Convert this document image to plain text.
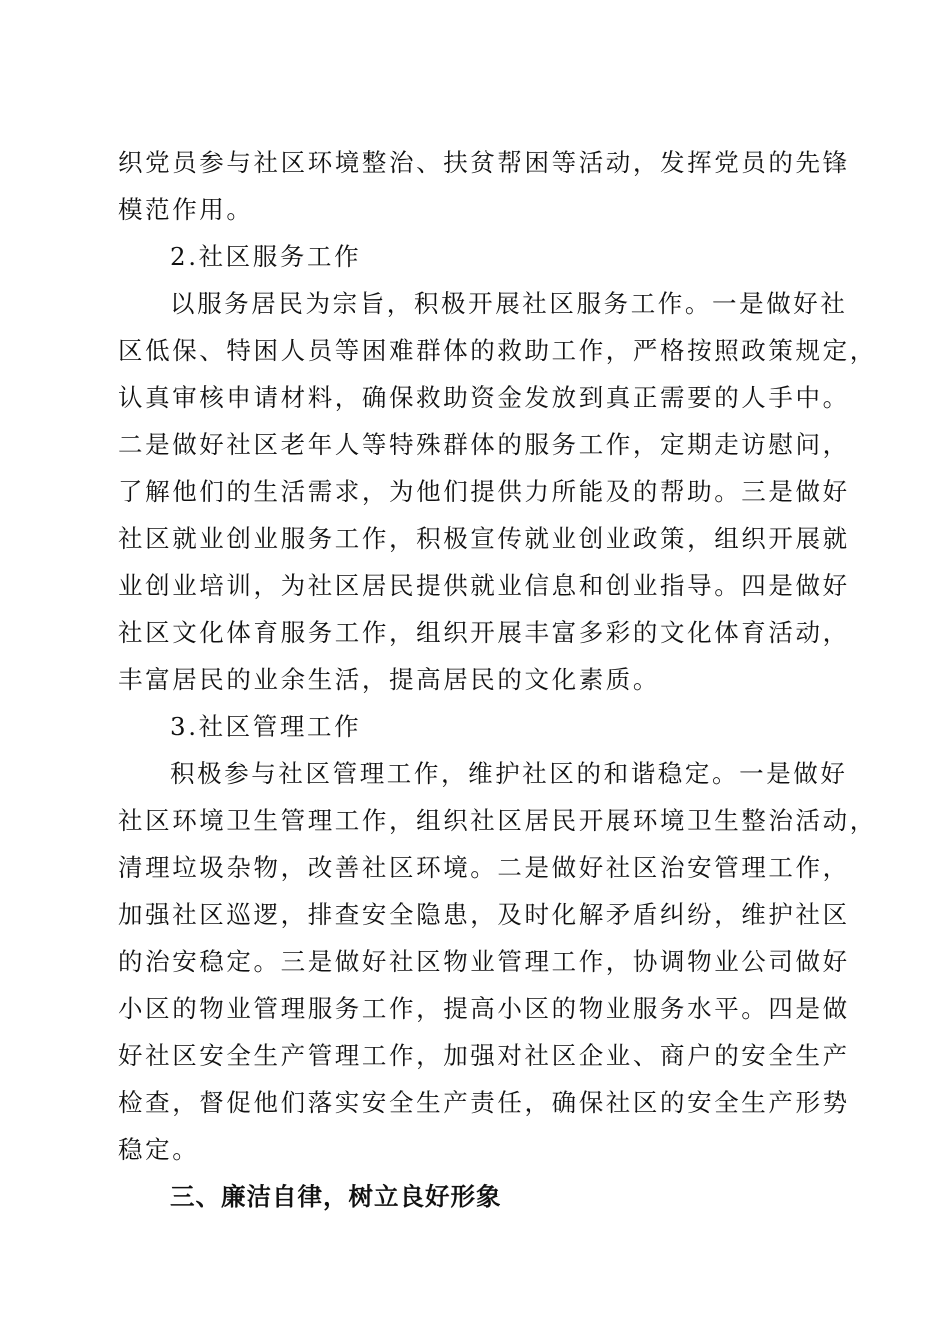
织党员参与社区环境整治、扶贫帮困等活动，发挥党员的先锋
模范作用。
2.社区服务工作
以服务居民为宗旨，积极开展社区服务工作。一是做好社
区低保、特困人员等困难群体的救助工作，严格按照政策规定，
认真审核申请材料，确保救助资金发放到真正需要的人手中。
二是做好社区老年人等特殊群体的服务工作，定期走访慰问，
了解他们的生活需求，为他们提供力所能及的帮助。三是做好
社区就业创业服务工作，积极宣传就业创业政策，组织开展就
业创业培训，为社区居民提供就业信息和创业指导。四是做好
社区文化体育服务工作，组织开展丰富多彩的文化体育活动，
丰富居民的业余生活，提高居民的文化素质。
3.社区管理工作
积极参与社区管理工作，维护社区的和谐稳定。一是做好
社区环境卫生管理工作，组织社区居民开展环境卫生整治活动，
清理垃圾杂物，改善社区环境。二是做好社区治安管理工作，
加强社区巡逻，排查安全隐患，及时化解矛盾纠纷，维护社区
的治安稳定。三是做好社区物业管理工作，协调物业公司做好
小区的物业管理服务工作，提高小区的物业服务水平。四是做
好社区安全生产管理工作，加强对社区企业、商户的安全生产
检查，督促他们落实安全生产责任，确保社区的安全生产形势
稳定。
三、廉洁自律，树立良好形象
